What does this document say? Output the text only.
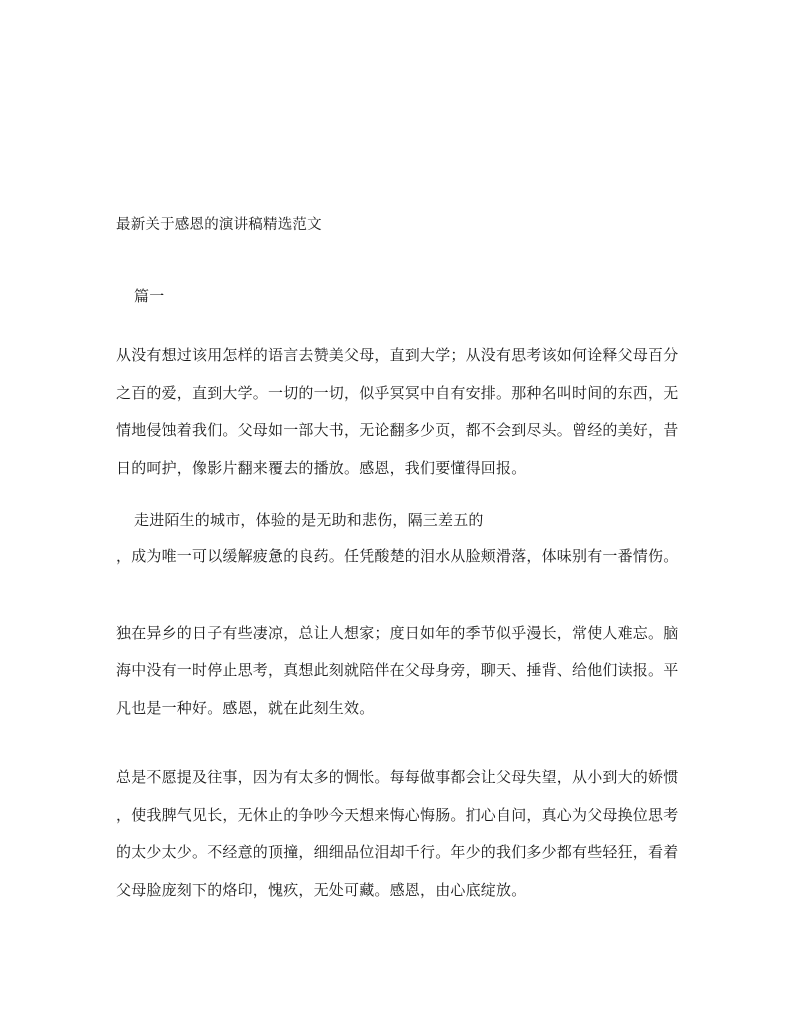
最新关于感恩的演讲稿精选范文
篇一
从没有想过该用怎样的语言去赞美父母，直到大学；从没有思考该如何诠释父母百分
之百的爱，直到大学。一切的一切，似乎冥冥中自有安排。那种名叫时间的东西，无
情地侵蚀着我们。父母如一部大书，无论翻多少页，都不会到尽头。曾经的美好，昔
日的呵护，像影片翻来覆去的播放。感恩，我们要懂得回报。
走进陌生的城市，体验的是无助和悲伤，隔三差五的
，成为唯一可以缓解疲惫的良药。任凭酸楚的泪水从脸颊滑落，体味别有一番情伤。
独在异乡的日子有些凄凉，总让人想家；度日如年的季节似乎漫长，常使人难忘。脑
海中没有一时停止思考，真想此刻就陪伴在父母身旁，聊天、捶背、给他们读报。平
凡也是一种好。感恩，就在此刻生效。
总是不愿提及往事，因为有太多的惆怅。每每做事都会让父母失望，从小到大的娇惯
，使我脾气见长，无休止的争吵今天想来悔心悔肠。扪心自问，真心为父母换位思考
的太少太少。不经意的顶撞，细细品位泪却千行。年少的我们多少都有些轻狂，看着
父母脸庞刻下的烙印，愧疚，无处可藏。感恩，由心底绽放。
